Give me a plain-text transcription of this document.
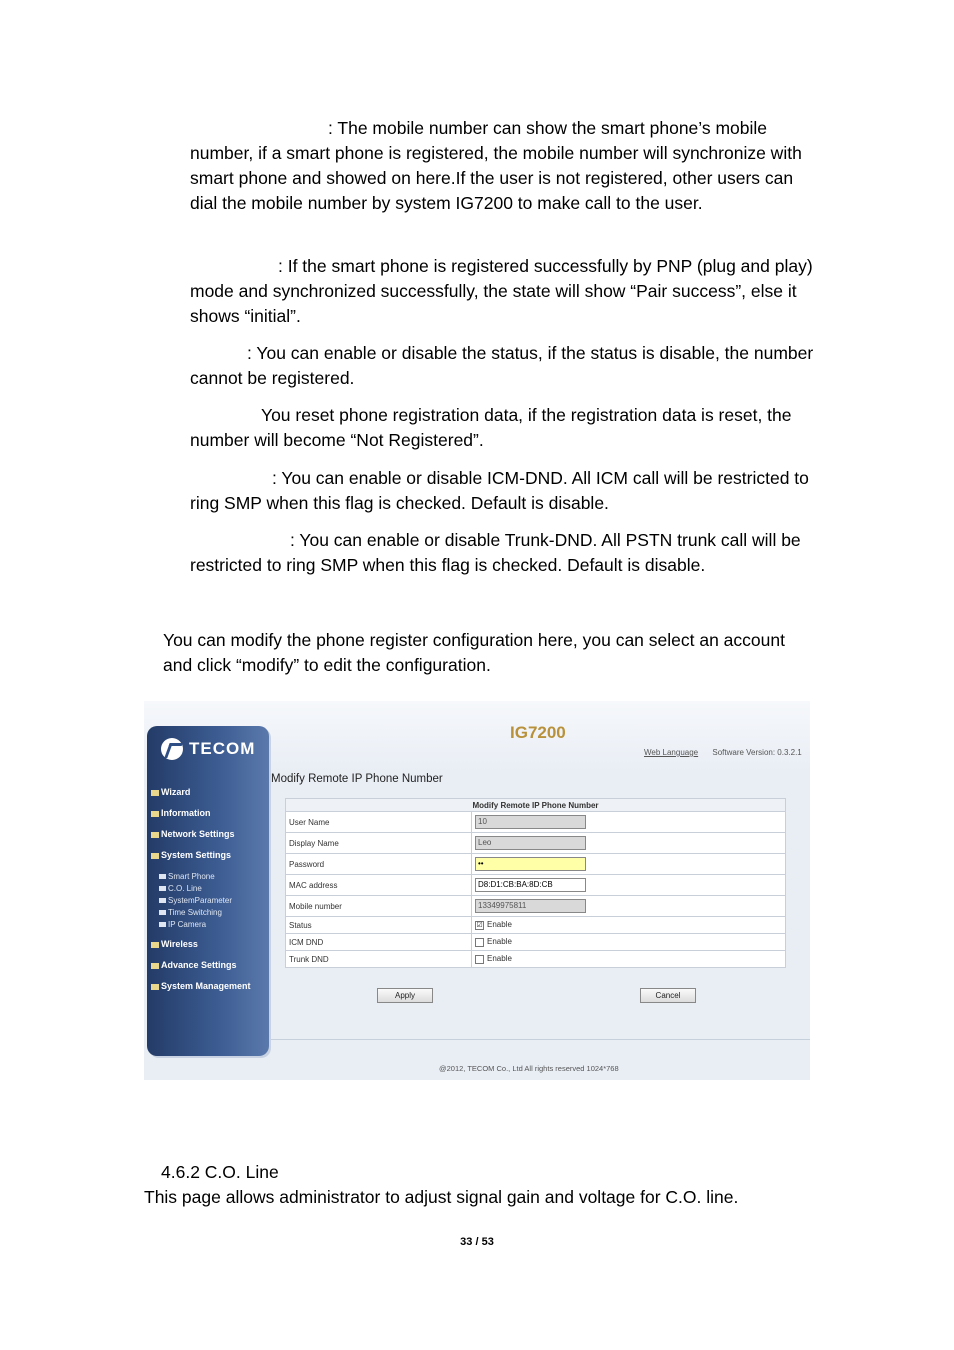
: The mobile number can show the smart phone’s mobile number, if a smart phone is registered, the mobile number will synchronize with smart phone and showed on here.If the user is not registered, other users can dial the mobile number by system IG7200 to make call to the user.

: If the smart phone is registered successfully by PNP (plug and play) mode and synchronized successfully, the state will show “Pair success”, else it shows “initial”.

: You can enable or disable the status, if the status is disable, the number cannot be registered.

You reset phone registration data, if the registration data is reset, the number will become “Not Registered”.

: You can enable or disable ICM-DND. All ICM call will be restricted to ring SMP when this flag is checked. Default is disable.

: You can enable or disable Trunk-DND. All PSTN trunk call will be restricted to ring SMP when this flag is checked. Default is disable.

You can modify the phone register configuration here, you can select an account and click “modify” to edit the configuration.

IG7200
Web Language Software Version: 0.3.2.1
TECOM
Wizard
Information
Network Settings
System Settings
Smart Phone
C.O. Line
SystemParameter
Time Switching
IP Camera
Wireless
Advance Settings
System Management
Modify Remote IP Phone Number
Modify Remote IP Phone Number	
User Name	10
Display Name	Leo
Password	••
MAC address	D8:D1:CB:BA:8D:CB
Mobile number	13349975811
Status	☑ Enable
ICM DND	Enable
Trunk DND	Enable
Apply	Cancel
@2012, TECOM Co., Ltd All rights reserved 1024*768
4.6.2 C.O. Line
This page allows administrator to adjust signal gain and voltage for C.O. line.
33 / 53
